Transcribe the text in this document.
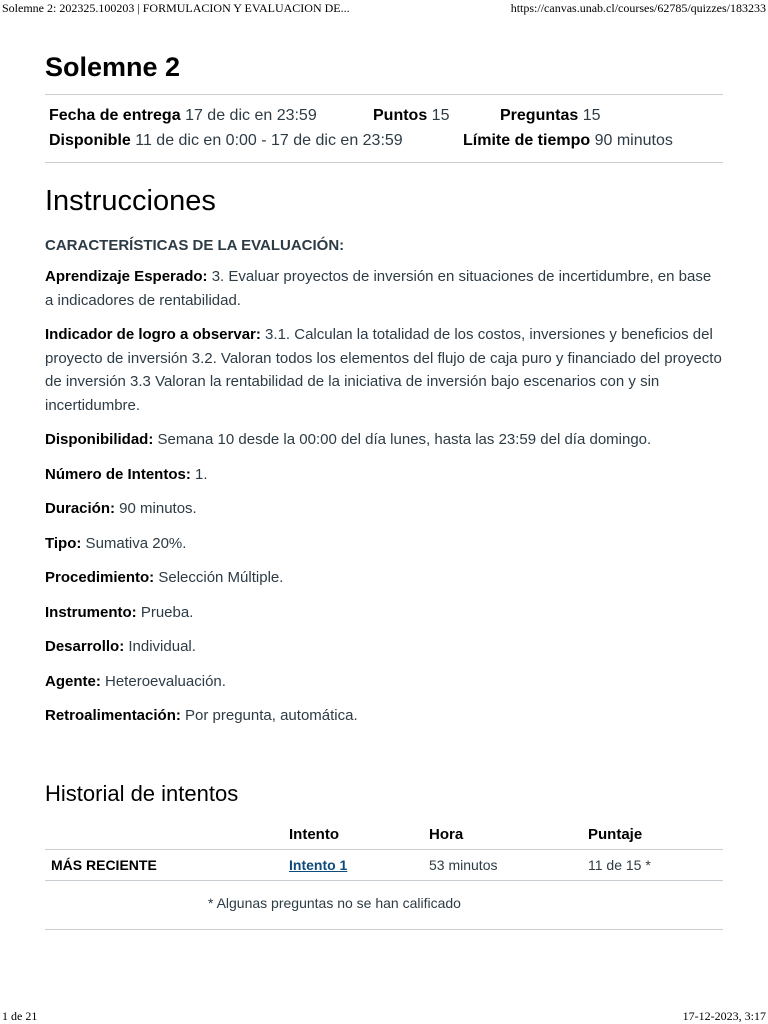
Solemne 2: 202325.100203 | FORMULACION Y EVALUACION DE...	https://canvas.unab.cl/courses/62785/quizzes/183233
Solemne 2
Fecha de entrega 17 de dic en 23:59	Puntos 15	Preguntas 15
Disponible 11 de dic en 0:00 - 17 de dic en 23:59	Límite de tiempo 90 minutos
Instrucciones
CARACTERÍSTICAS DE LA EVALUACIÓN:
Aprendizaje Esperado: 3. Evaluar proyectos de inversión en situaciones de incertidumbre, en base a indicadores de rentabilidad.
Indicador de logro a observar: 3.1. Calculan la totalidad de los costos, inversiones y beneficios del proyecto de inversión 3.2. Valoran todos los elementos del flujo de caja puro y financiado del proyecto de inversión 3.3 Valoran la rentabilidad de la iniciativa de inversión bajo escenarios con y sin incertidumbre.
Disponibilidad: Semana 10 desde la 00:00 del día lunes, hasta las 23:59 del día domingo.
Número de Intentos: 1.
Duración: 90 minutos.
Tipo: Sumativa 20%.
Procedimiento: Selección Múltiple.
Instrumento: Prueba.
Desarrollo: Individual.
Agente: Heteroevaluación.
Retroalimentación: Por pregunta, automática.
Historial de intentos
	Intento	Hora	Puntaje
MÁS RECIENTE	Intento 1	53 minutos	11 de 15 *
* Algunas preguntas no se han calificado
1 de 21	17-12-2023, 3:17
